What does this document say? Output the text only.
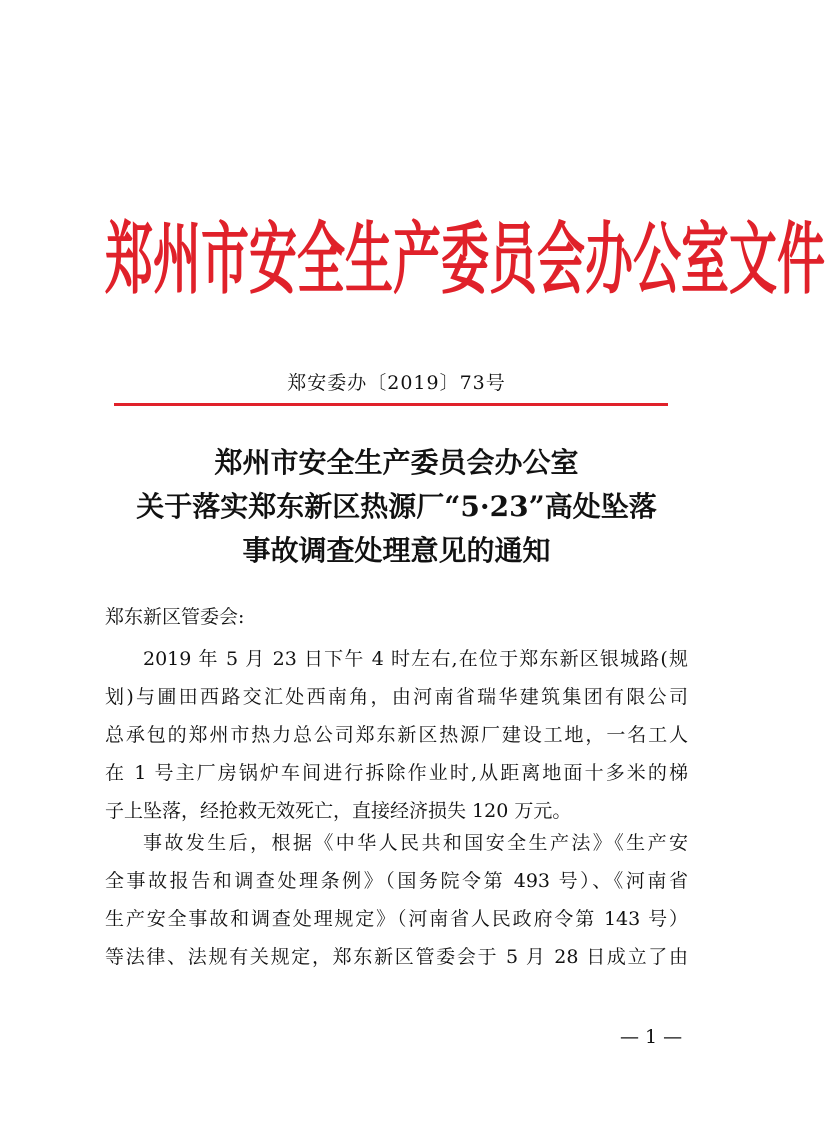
郑州市安全生产委员会办公室文件
郑安委办〔2019〕73号
郑州市安全生产委员会办公室
关于落实郑东新区热源厂“5·23”高处坠落
事故调查处理意见的通知
郑东新区管委会:
2019 年 5 月 23 日下午 4 时左右,在位于郑东新区银城路(规
划)与圃田西路交汇处西南角，由河南省瑞华建筑集团有限公司
总承包的郑州市热力总公司郑东新区热源厂建设工地，一名工人
在 1 号主厂房锅炉车间进行拆除作业时,从距离地面十多米的梯
子上坠落，经抢救无效死亡，直接经济损失 120 万元。
事故发生后，根据《中华人民共和国安全生产法》《生产安
全事故报告和调查处理条例》（国务院令第 493 号）、《河南省
生产安全事故和调查处理规定》（河南省人民政府令第 143 号）
等法律、法规有关规定，郑东新区管委会于 5 月 28 日成立了由
— 1 —
